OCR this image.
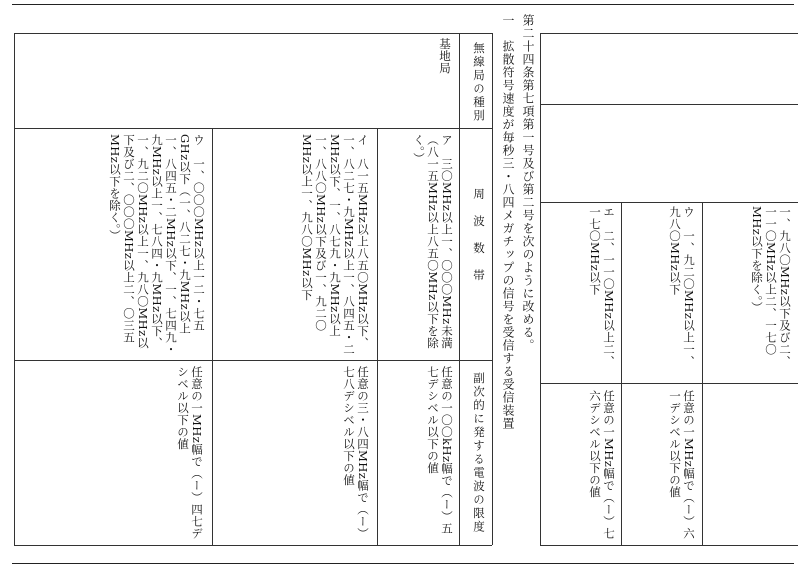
第二十四条第七項第一号及び第二号を次のように改める。
一　拡散符号速度が毎秒三・八四メガチップの信号を受信する受信装置
無線局の種別
周　波　数　帯
副次的に発する電波の限度
基地局
ア　三〇MHz以上一、〇〇〇MHz未満（八一五MHz以上八五〇MHz以下を除く。）
任意の一〇〇kHz幅で（ー）五七デシベル以下の値
イ　八一五MHz以上八五〇MHz以下、一、八二七・九MHz以上一、八四五・二MHz以下、一、八七九・九MHz以上一、八八〇MHz以下及び一、九二〇MHz以上一、九八〇MHz以下
任意の三・八四MHz幅で（ー）七八デシベル以下の値
ウ　一、〇〇〇MHz以上一二・七五GHz以下（一、八二七・九MHz以上一、八四五・二MHz以下、一、七四九・九MHz以上一、七八四・九MHz以下、一、九二〇MHz以上一、九八〇MHz以下及び二、〇〇〇MHz以上二、〇三五MHz以下を除く。）
任意の一MHz幅で（ー）四七デシベル以下の値
一、九八〇MHz以下及び二、一一〇MHz以上二、一七〇MHz以下を除く。）
ウ　一、九二〇MHz以上一、九八〇MHz以下
任意の一MHz幅で（ー）六一デシベル以下の値
エ　二、一一〇MHz以上二、一七〇MHz以下
任意の一MHz幅で（ー）七六デシベル以下の値
